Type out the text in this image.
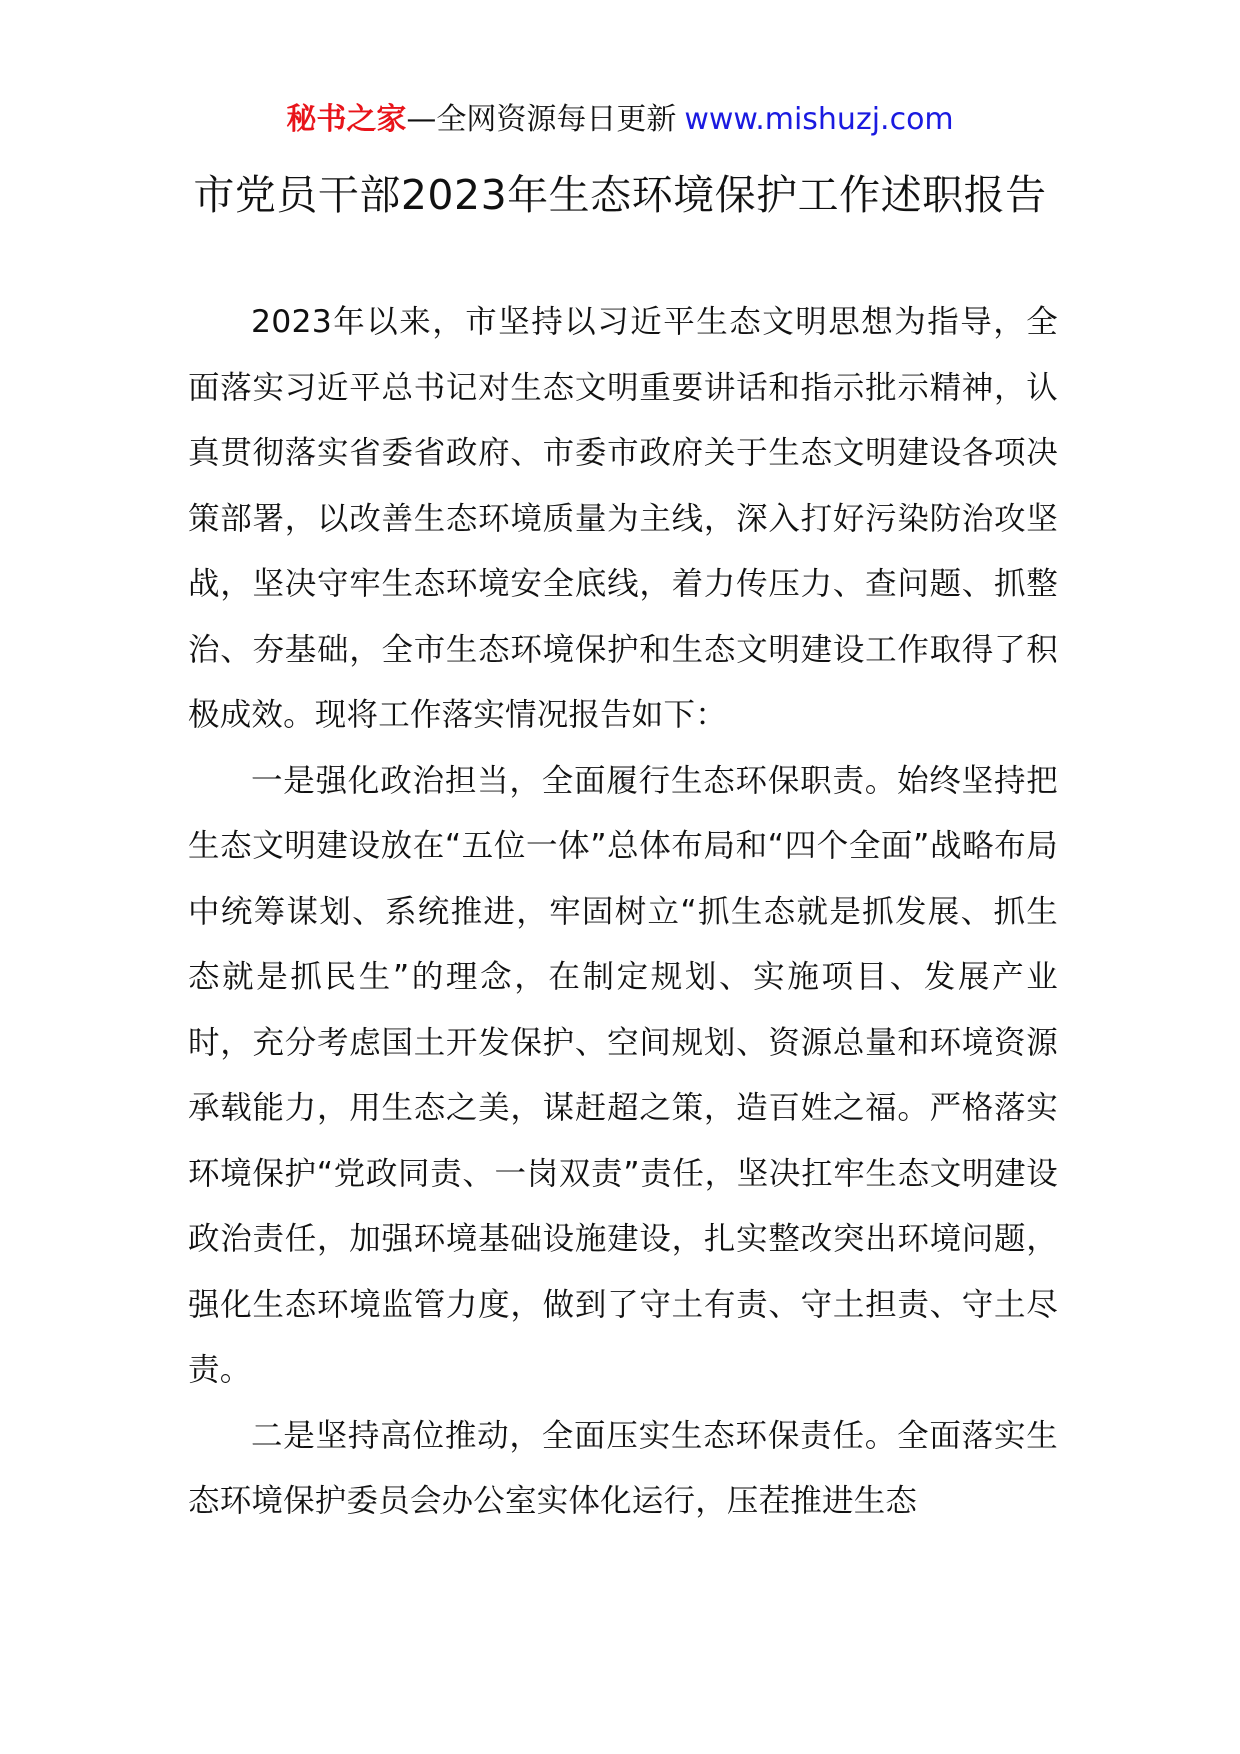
秘书之家—全网资源每日更新 www.mishuzj.com
市党员干部2023年生态环境保护工作述职报告

2023年以来，市坚持以习近平生态文明思想为指导，全面落实习近平总书记对生态文明重要讲话和指示批示精神，认真贯彻落实省委省政府、市委市政府关于生态文明建设各项决策部署，以改善生态环境质量为主线，深入打好污染防治攻坚战，坚决守牢生态环境安全底线，着力传压力、查问题、抓整治、夯基础，全市生态环境保护和生态文明建设工作取得了积极成效。现将工作落实情况报告如下：

一是强化政治担当，全面履行生态环保职责。始终坚持把生态文明建设放在“五位一体”总体布局和“四个全面”战略布局中统筹谋划、系统推进，牢固树立“抓生态就是抓发展、抓生态就是抓民生”的理念，在制定规划、实施项目、发展产业时，充分考虑国土开发保护、空间规划、资源总量和环境资源承载能力，用生态之美，谋赶超之策，造百姓之福。严格落实环境保护“党政同责、一岗双责”责任，坚决扛牢生态文明建设政治责任，加强环境基础设施建设，扎实整改突出环境问题，强化生态环境监管力度，做到了守土有责、守土担责、守土尽责。

二是坚持高位推动，全面压实生态环保责任。全面落实生态环境保护委员会办公室实体化运行，压茬推进生态
